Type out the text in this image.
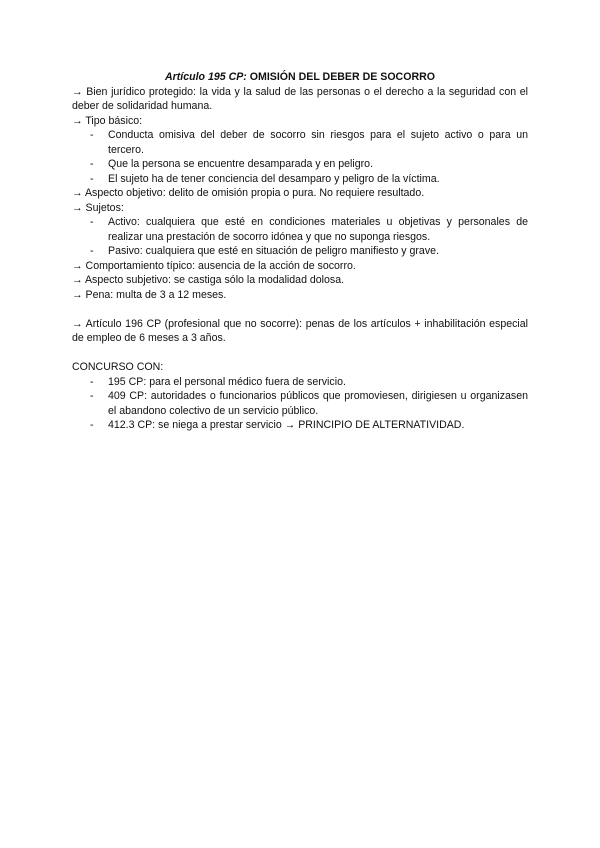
Artículo 195 CP: OMISIÓN DEL DEBER DE SOCORRO
→ Bien jurídico protegido: la vida y la salud de las personas o el derecho a la seguridad con el deber de solidaridad humana.
→ Tipo básico:
- Conducta omisiva del deber de socorro sin riesgos para el sujeto activo o para un tercero.
- Que la persona se encuentre desamparada y en peligro.
- El sujeto ha de tener conciencia del desamparo y peligro de la víctima.
→ Aspecto objetivo: delito de omisión propia o pura. No requiere resultado.
→ Sujetos:
- Activo: cualquiera que esté en condiciones materiales u objetivas y personales de realizar una prestación de socorro idónea y que no suponga riesgos.
- Pasivo: cualquiera que esté en situación de peligro manifiesto y grave.
→ Comportamiento típico: ausencia de la acción de socorro.
→ Aspecto subjetivo: se castiga sólo la modalidad dolosa.
→ Pena: multa de 3 a 12 meses.
→ Artículo 196 CP (profesional que no socorre): penas de los artículos + inhabilitación especial de empleo de 6 meses a 3 años.
CONCURSO CON:
- 195 CP: para el personal médico fuera de servicio.
- 409 CP: autoridades o funcionarios públicos que promoviesen, dirigiesen u organizasen el abandono colectivo de un servicio público.
- 412.3 CP: se niega a prestar servicio → PRINCIPIO DE ALTERNATIVIDAD.
